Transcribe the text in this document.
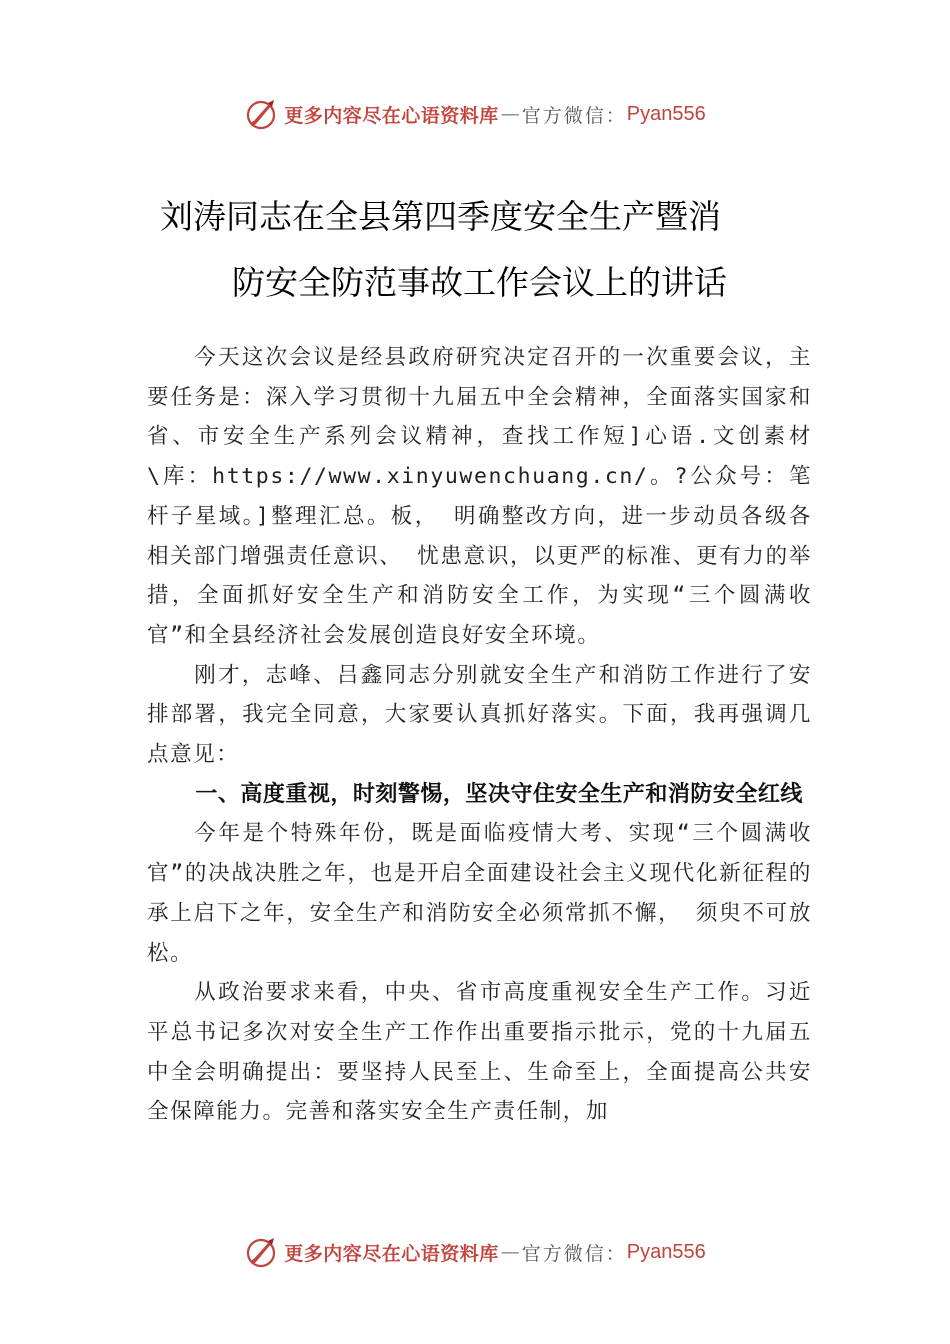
更多内容尽在心语资料库 — 官方微信： Pyan556
刘涛同志在全县第四季度安全生产暨消
防安全防范事故工作会议上的讲话

今天这次会议是经县政府研究决定召开的一次重要会议，主要任务是：深入学习贯彻十九届五中全会精神，全面落实国家和省、市安全生产系列会议精神，查找工作短]心语.文创素材\库：https://www.xinyuwenchuang.cn/。?公众号：笔杆子星域。]整理汇总。板， 明确整改方向，进一步动员各级各相关部门增强责任意识、 忧患意识，以更严的标准、更有力的举措，全面抓好安全生产和消防安全工作，为实现“三个圆满收官”和全县经济社会发展创造良好安全环境。

刚才，志峰、吕鑫同志分别就安全生产和消防工作进行了安排部署，我完全同意，大家要认真抓好落实。下面，我再强调几点意见：

一、高度重视，时刻警惕，坚决守住安全生产和消防安全红线

今年是个特殊年份，既是面临疫情大考、实现“三个圆满收官”的决战决胜之年，也是开启全面建设社会主义现代化新征程的承上启下之年，安全生产和消防安全必须常抓不懈， 须臾不可放松。

从政治要求来看，中央、省市高度重视安全生产工作。习近平总书记多次对安全生产工作作出重要指示批示，党的十九届五中全会明确提出：要坚持人民至上、生命至上，全面提高公共安全保障能力。完善和落实安全生产责任制，加

更多内容尽在心语资料库 — 官方微信： Pyan556
